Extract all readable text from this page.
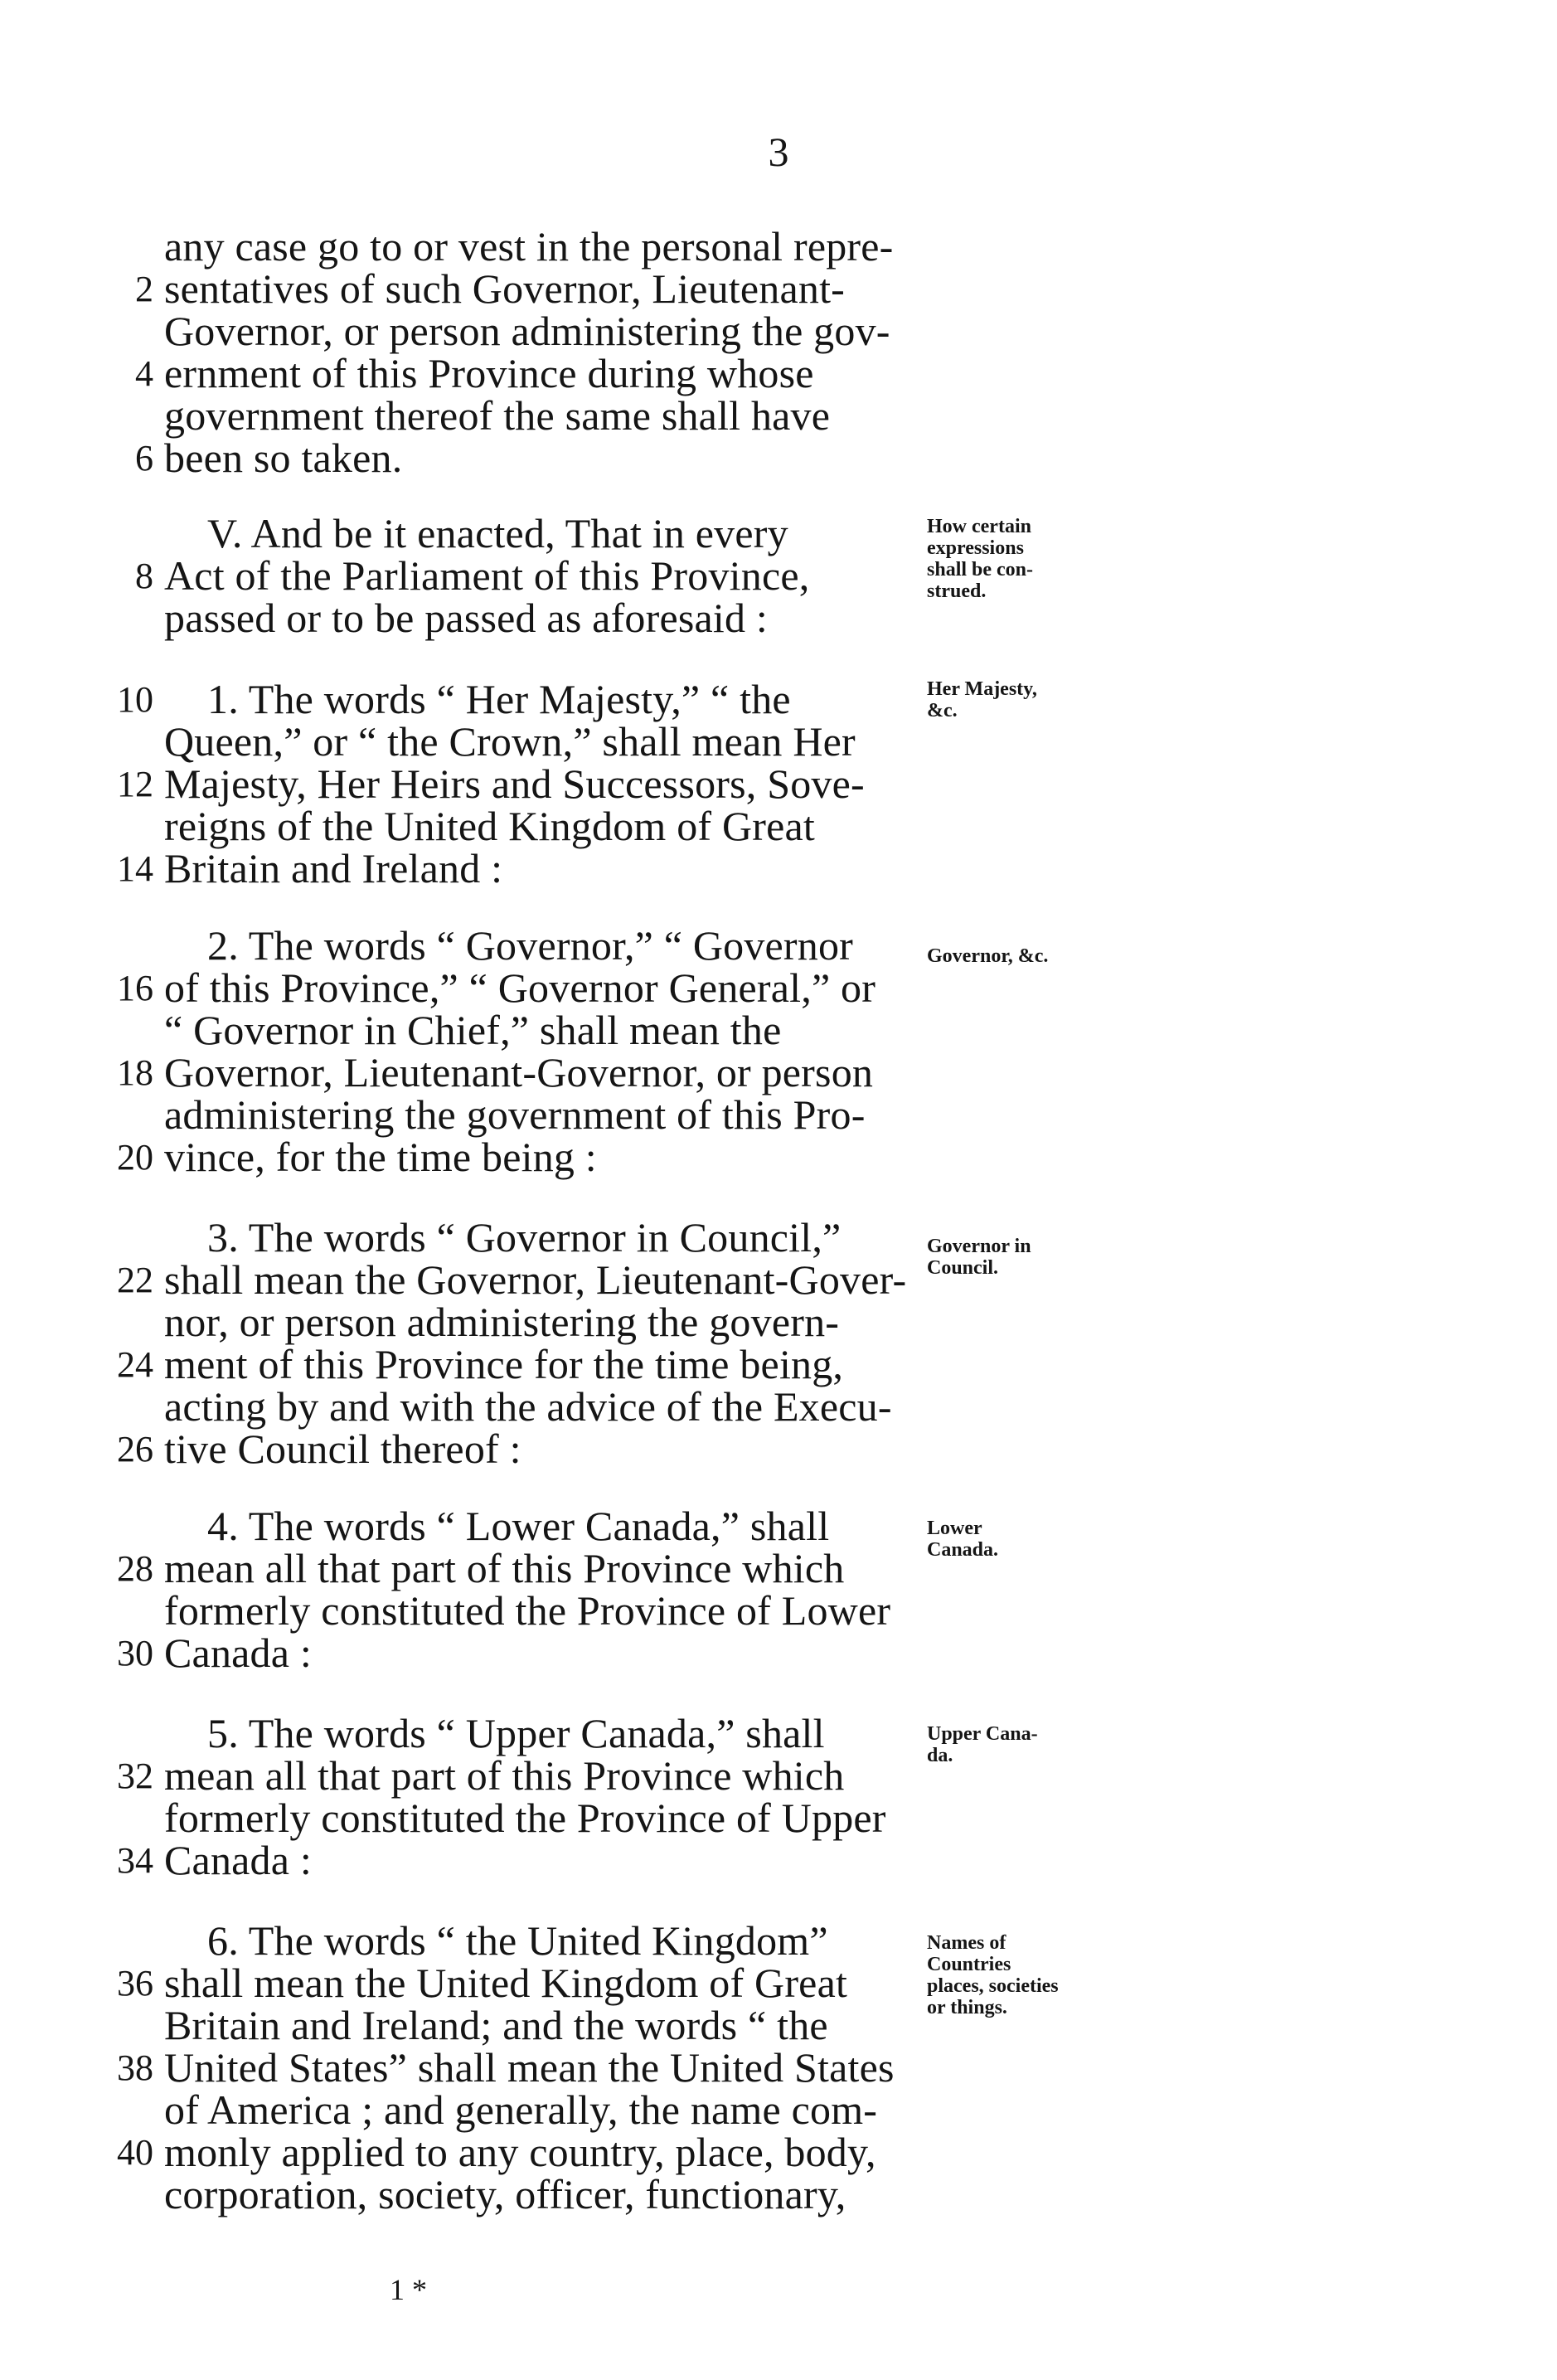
3
any case go to or vest in the personal repre-
sentatives of such Governor, Lieutenant-
Governor, or person administering the gov-
ernment of this Province during whose
government thereof the same shall have
been so taken.
V. And be it enacted, That in every
Act of the Parliament of this Province,
passed or to be passed as aforesaid :
1. The words “ Her Majesty,” “ the
Queen,” or “ the Crown,” shall mean Her
Majesty, Her Heirs and Successors, Sove-
reigns of the United Kingdom of Great
Britain and Ireland :
2. The words “ Governor,” “ Governor
of this Province,” “ Governor General,” or
“ Governor in Chief,” shall mean the
Governor, Lieutenant-Governor, or person
administering the government of this Pro-
vince, for the time being :
3. The words “ Governor in Council,”
shall mean the Governor, Lieutenant-Gover-
nor, or person administering the govern-
ment of this Province for the time being,
acting by and with the advice of the Execu-
tive Council thereof :
4. The words “ Lower Canada,” shall
mean all that part of this Province which
formerly constituted the Province of Lower
Canada :
5. The words “ Upper Canada,” shall
mean all that part of this Province which
formerly constituted the Province of Upper
Canada :
6. The words “ the United Kingdom”
shall mean the United Kingdom of Great
Britain and Ireland; and the words “ the
United States” shall mean the United States
of America ; and generally, the name com-
monly applied to any country, place, body,
corporation, society, officer, functionary,
2
4
6
8
10
12
14
16
18
20
22
24
26
28
30
32
34
36
38
40
How certain
expressions
shall be con-
strued.
Her Majesty,
&c.
Governor, &c.
Governor in
Council.
Lower
Canada.
Upper Cana-
da.
Names of
Countries
places, societies
or things.
1 *
